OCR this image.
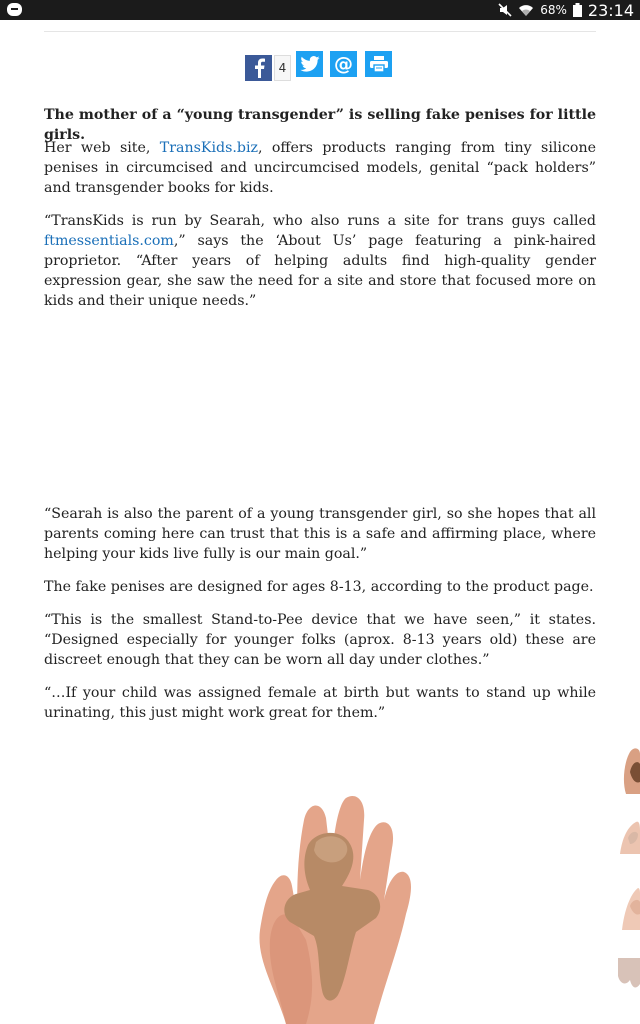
68% 23:14
4	@

The mother of a “young transgender” is selling fake penises for little girls.

Her web site, TransKids.biz, offers products ranging from tiny silicone penises in circumcised and uncircumcised models, genital “pack holders” and transgender books for kids.

“TransKids is run by Searah, who also runs a site for trans guys called ftmessentials.com,” says the ‘About Us’ page featuring a pink-haired proprietor. “After years of helping adults find high-quality gender expression gear, she saw the need for a site and store that focused more on kids and their unique needs.”

“Searah is also the parent of a young transgender girl, so she hopes that all parents coming here can trust that this is a safe and affirming place, where helping your kids live fully is our main goal.”

The fake penises are designed for ages 8-13, according to the product page.

“This is the smallest Stand-to-Pee device that we have seen,” it states. “Designed especially for younger folks (aprox. 8-13 years old) these are discreet enough that they can be worn all day under clothes.”

“…If your child was assigned female at birth but wants to stand up while urinating, this just might work great for them.”
